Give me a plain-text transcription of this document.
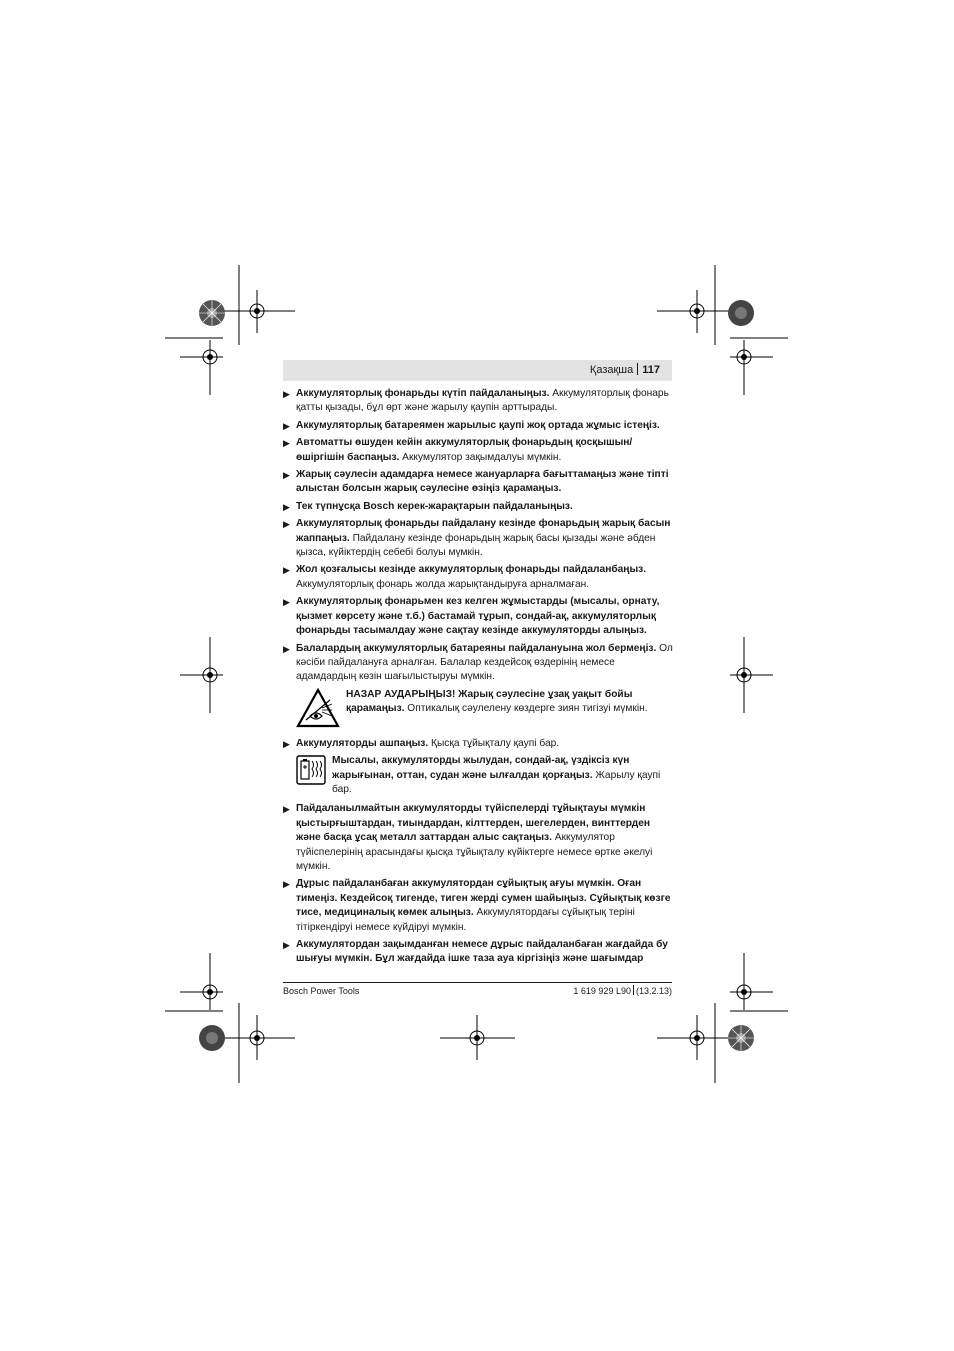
Қазақша 117
▶ Аккумуляторлық фонарьды күтіп пайдаланыңыз. Аккумуляторлық фонарь қатты қызады, бұл өрт және жарылу қаупін арттырады.
▶ Аккумуляторлық батареямен жарылыс қаупі жоқ ортада жұмыс істеңіз.
▶ Автоматты өшуден кейін аккумуляторлық фонарьдың қосқышын/өшіргішін баспаңыз. Аккумулятор зақымдалуы мүмкін.
▶ Жарық сәулесін адамдарға немесе жануарларға бағыттамаңыз және тіпті алыстан болсын жарық сәулесіне өзіңіз қарамаңыз.
▶ Тек түпнұсқа Bosch керек-жарақтарын пайдаланыңыз.
▶ Аккумуляторлық фонарьды пайдалану кезінде фонарьдың жарық басын жаппаңыз. Пайдалану кезінде фонарьдың жарық басы қызады және әбден қызса, күйіктердің себебі болуы мүмкін.
▶ Жол қозғалысы кезінде аккумуляторлық фонарьды пайдаланбаңыз. Аккумуляторлық фонарь жолда жарықтандыруға арналмаған.
▶ Аккумуляторлық фонарьмен кез келген жұмыстарды (мысалы, орнату, қызмет көрсету және т.б.) бастамай тұрып, сондай-ақ, аккумуляторлық фонарьды тасымалдау және сақтау кезінде аккумуляторды алыңыз.
▶ Балалардың аккумуляторлық батареяны пайдалануына жол бермеңіз. Ол кәсіби пайдалануға арналған. Балалар кездейсоқ өздерінің немесе адамдардың көзін шағылыстыруы мүмкін.
НАЗАР АУДАРЫҢЫЗ! Жарық сәулесіне ұзақ уақыт бойы қарамаңыз. Оптикалық сәулелену көздерге зиян тигізуі мүмкін.
▶ Аккумуляторды ашпаңыз. Қысқа тұйықталу қаупі бар.
Мысалы, аккумуляторды жылудан, сондай-ақ, үздіксіз күн жарығынан, оттан, судан және ылғалдан қорғаңыз. Жарылу қаупі бар.
▶ Пайдаланылмайтын аккумуляторды түйіспелерді тұйықтауы мүмкін қыстырғыштардан, тиындардан, кілттерден, шегелерден, винттерден және басқа ұсақ металл заттардан алыс сақтаңыз. Аккумулятор түйіспелерінің арасындағы қысқа тұйықталу күйіктерге немесе өртке әкелуі мүмкін.
▶ Дұрыс пайдаланбаған аккумулятордан сұйықтық ағуы мүмкін. Оған тимеңіз. Кездейсоқ тигенде, тиген жерді сумен шайыңыз. Сұйықтық көзге тисе, медициналық көмек алыңыз. Аккумулятордағы сұйықтық теріні тітіркендіруі немесе күйдіруі мүмкін.
▶ Аккумулятордан зақымданған немесе дұрыс пайдаланбаған жағдайда бу шығуы мүмкін. Бұл жағдайда ішке таза ауа кіргізіңіз және шағымдар
Bosch Power Tools	1 619 929 L90 (13.2.13)
